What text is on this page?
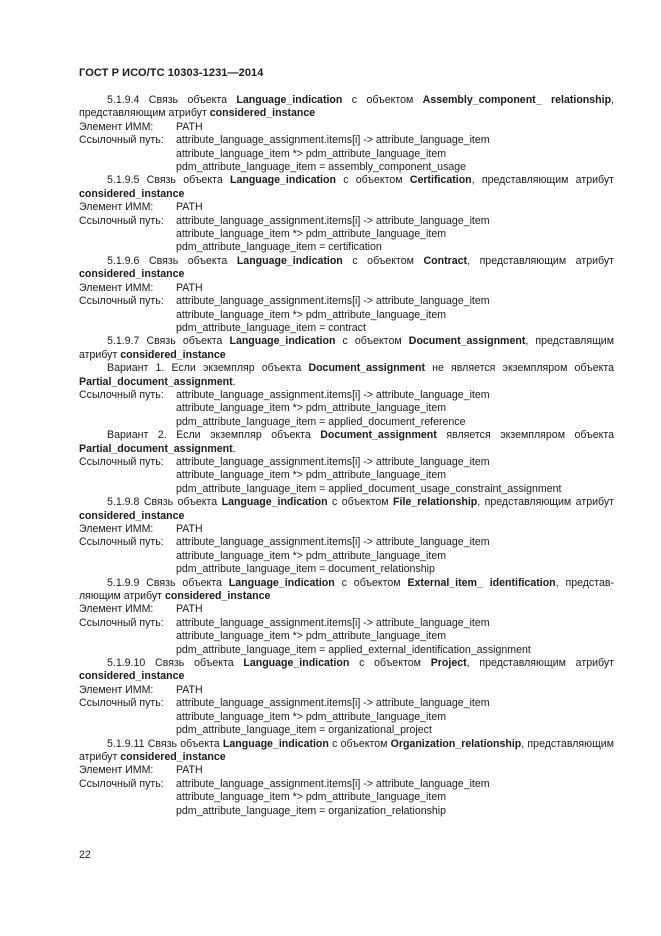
ГОСТ Р ИСО/ТС 10303-1231—2014

5.1.9.4 Связь объекта Language_indication с объектом Assembly_component_ relationship, представляющим атрибут considered_instance

Элемент ИММ:	PATH
Ссылочный путь:	attribute_language_assignment.items[i] -> attribute_language_item
attribute_language_item *> pdm_attribute_language_item
pdm_attribute_language_item = assembly_component_usage

5.1.9.5 Связь объекта Language_indication с объектом Certification, представляющим атрибут considered_instance

Элемент ИММ:	PATH
Ссылочный путь:	attribute_language_assignment.items[i] -> attribute_language_item
attribute_language_item *> pdm_attribute_language_item
pdm_attribute_language_item = certification

5.1.9.6 Связь объекта Language_indication с объектом Contract, представляющим атрибут considered_instance

Элемент ИММ:	PATH
Ссылочный путь:	attribute_language_assignment.items[i] -> attribute_language_item
attribute_language_item *> pdm_attribute_language_item
pdm_attribute_language_item = contract

5.1.9.7 Связь объекта Language_indication с объектом Document_assignment, представлящим атрибут considered_instance

Вариант 1. Если экземпляр объекта Document_assignment не является экземпляром объекта Partial_document_assignment.

Ссылочный путь:	attribute_language_assignment.items[i] -> attribute_language_item
attribute_language_item *> pdm_attribute_language_item
pdm_attribute_language_item = applied_document_reference

Вариант 2. Если экземпляр объекта Document_assignment является экземпляром объекта Partial_document_assignment.

Ссылочный путь:	attribute_language_assignment.items[i] -> attribute_language_item
attribute_language_item *> pdm_attribute_language_item
pdm_attribute_language_item = applied_document_usage_constraint_assignment

5.1.9.8 Связь объекта Language_indication с объектом File_relationship, представляющим атрибут considered_instance

Элемент ИММ:	PATH
Ссылочный путь:	attribute_language_assignment.items[i] -> attribute_language_item
attribute_language_item *> pdm_attribute_language_item
pdm_attribute_language_item = document_relationship

5.1.9.9 Связь объекта Language_indication с объектом External_item_ identification, представляющим атрибут considered_instance

Элемент ИММ:	PATH
Ссылочный путь:	attribute_language_assignment.items[i] -> attribute_language_item
attribute_language_item *> pdm_attribute_language_item
pdm_attribute_language_item = applied_external_identification_assignment

5.1.9.10 Связь объекта Language_indication с объектом Project, представляющим атрибут considered_instance

Элемент ИММ:	PATH
Ссылочный путь:	attribute_language_assignment.items[i] -> attribute_language_item
attribute_language_item *> pdm_attribute_language_item
pdm_attribute_language_item = organizational_project

5.1.9.11 Связь объекта Language_indication с объектом Organization_relationship, представляющим атрибут considered_instance

Элемент ИММ:	PATH
Ссылочный путь:	attribute_language_assignment.items[i] -> attribute_language_item
attribute_language_item *> pdm_attribute_language_item
pdm_attribute_language_item = organization_relationship
22
